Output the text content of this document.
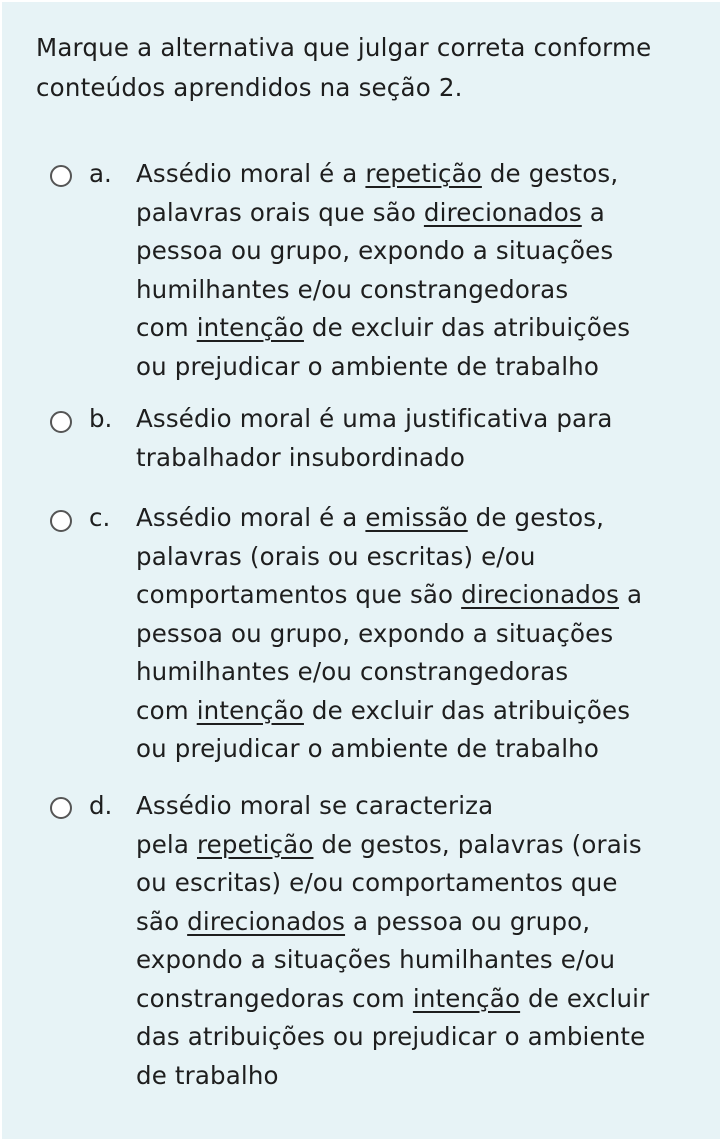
Marque a alternativa que julgar correta conforme
conteúdos aprendidos na seção 2.
a. Assédio moral é a repetição de gestos,
palavras orais que são direcionados a
pessoa ou grupo, expondo a situações
humilhantes e/ou constrangedoras
com intenção de excluir das atribuições
ou prejudicar o ambiente de trabalho
b. Assédio moral é uma justificativa para
trabalhador insubordinado
c. Assédio moral é a emissão de gestos,
palavras (orais ou escritas) e/ou
comportamentos que são direcionados a
pessoa ou grupo, expondo a situações
humilhantes e/ou constrangedoras
com intenção de excluir das atribuições
ou prejudicar o ambiente de trabalho
d. Assédio moral se caracteriza
pela repetição de gestos, palavras (orais
ou escritas) e/ou comportamentos que
são direcionados a pessoa ou grupo,
expondo a situações humilhantes e/ou
constrangedoras com intenção de excluir
das atribuições ou prejudicar o ambiente
de trabalho
